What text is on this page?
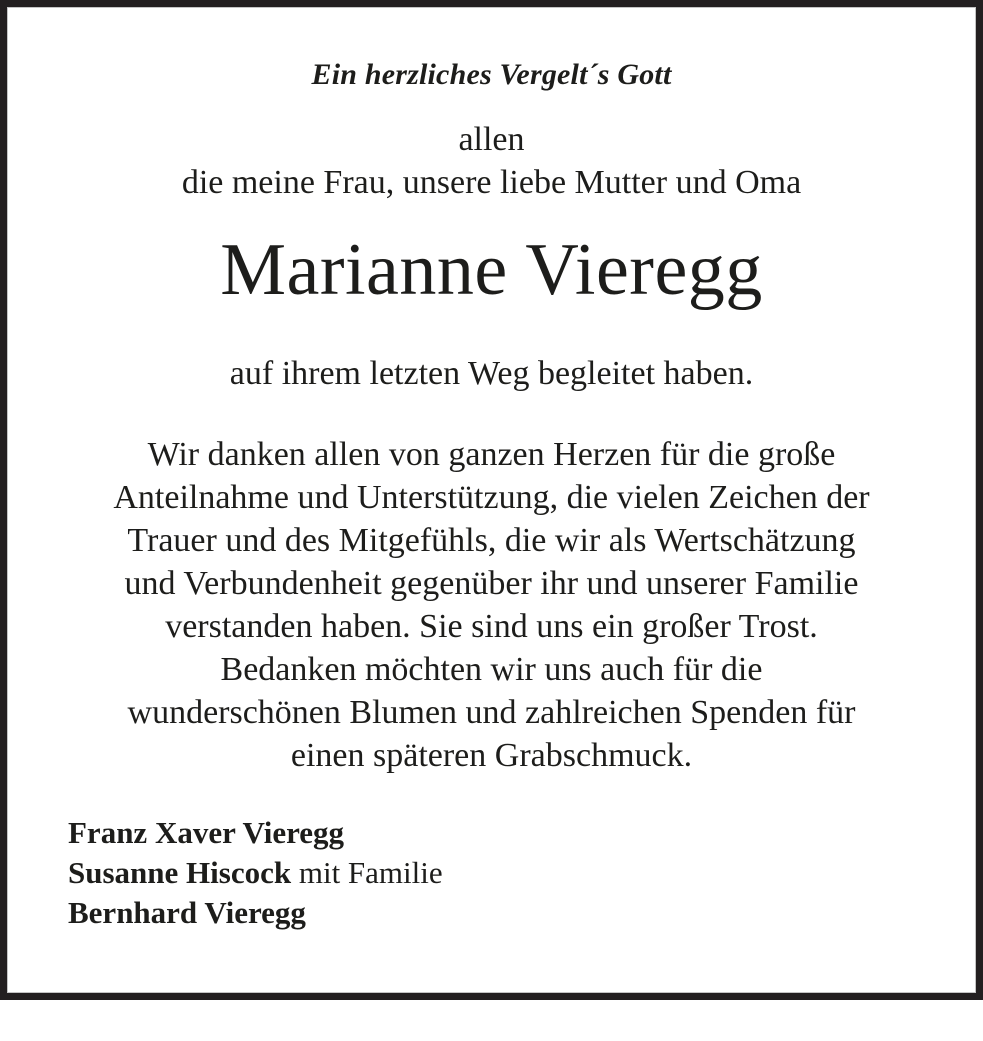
Ein herzliches Vergelt´s Gott
allen
die meine Frau, unsere liebe Mutter und Oma
Marianne Vieregg
auf ihrem letzten Weg begleitet haben.
Wir danken allen von ganzen Herzen für die große
Anteilnahme und Unterstützung, die vielen Zeichen der
Trauer und des Mitgefühls, die wir als Wertschätzung
und Verbundenheit gegenüber ihr und unserer Familie
verstanden haben. Sie sind uns ein großer Trost.
Bedanken möchten wir uns auch für die
wunderschönen Blumen und zahlreichen Spenden für
einen späteren Grabschmuck.
Franz Xaver Vieregg
Susanne Hiscock mit Familie
Bernhard Vieregg
